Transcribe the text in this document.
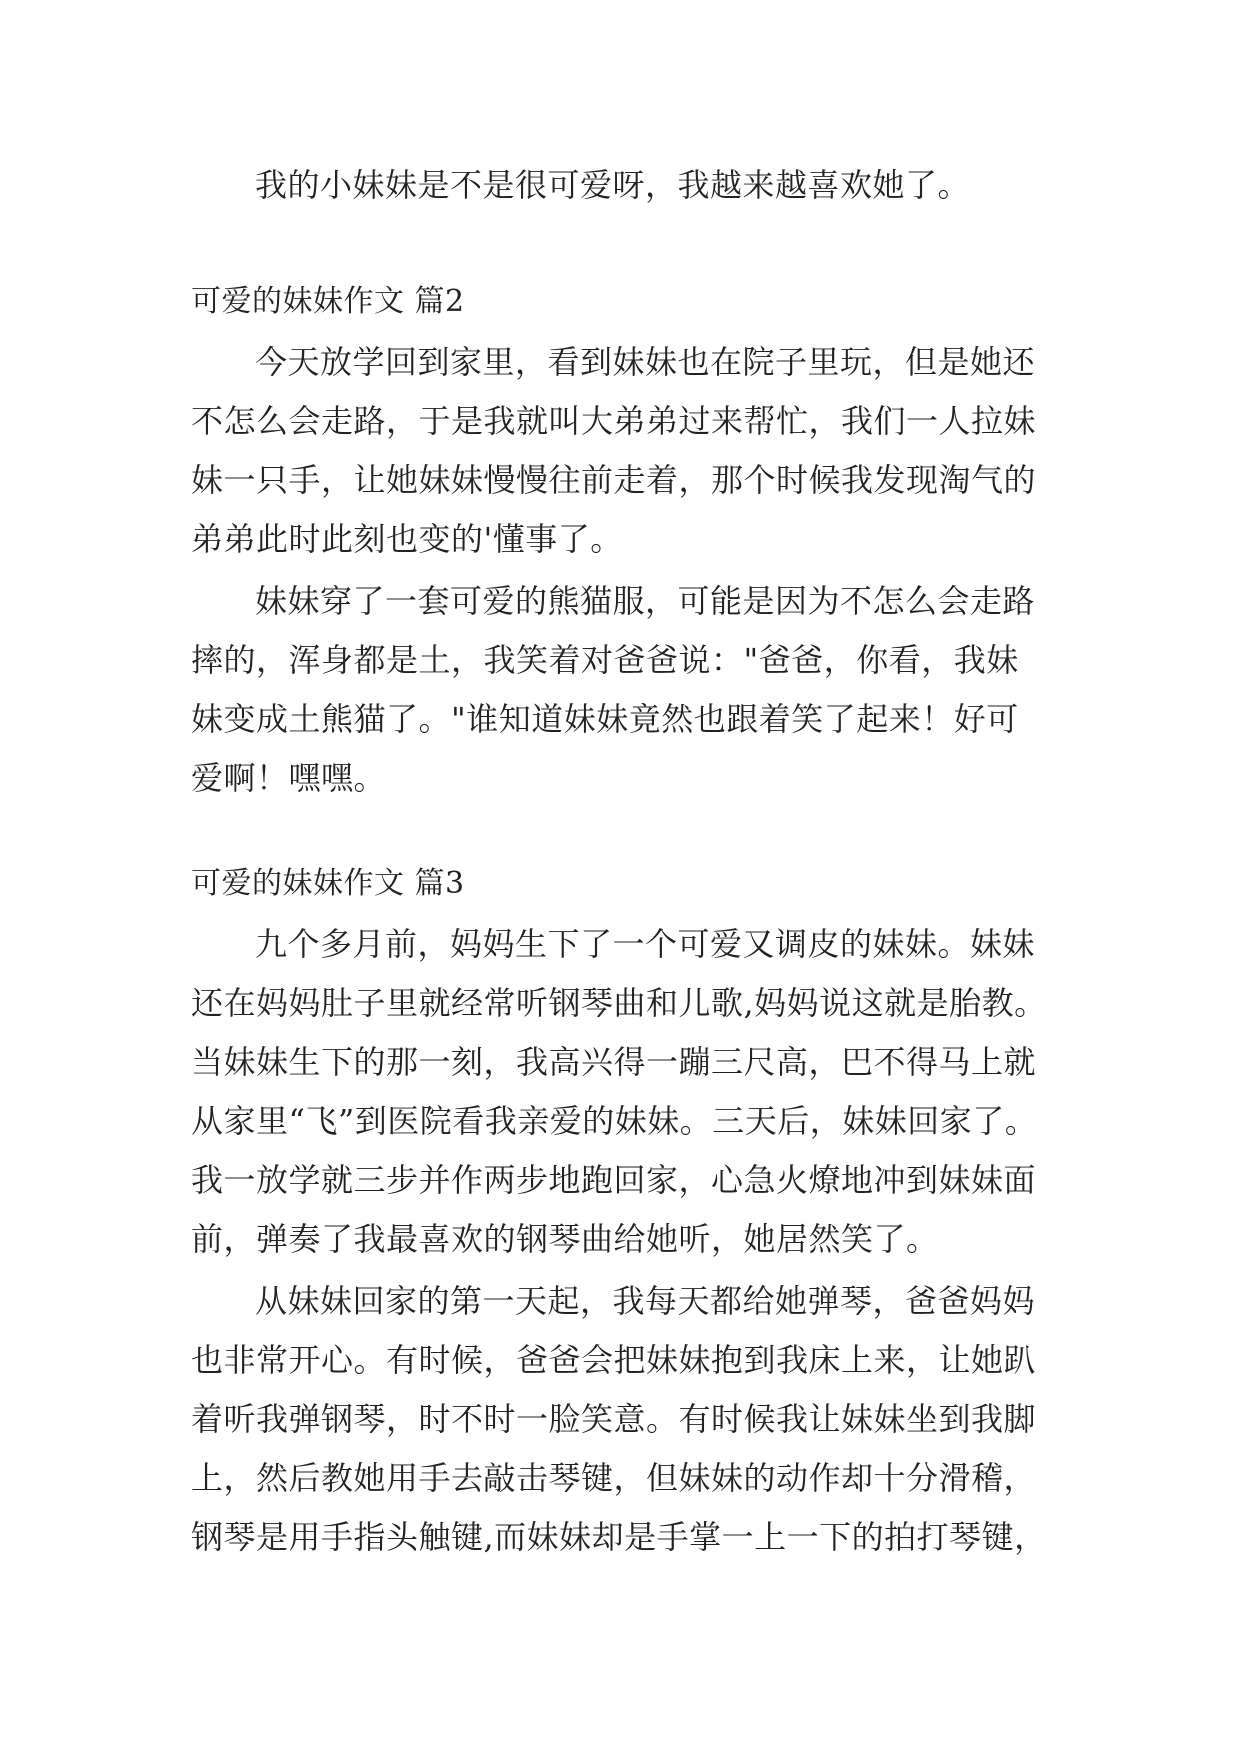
我的小妹妹是不是很可爱呀，我越来越喜欢她了。
可爱的妹妹作文 篇2
今天放学回到家里，看到妹妹也在院子里玩，但是她还
不怎么会走路，于是我就叫大弟弟过来帮忙，我们一人拉妹
妹一只手，让她妹妹慢慢往前走着，那个时候我发现淘气的
弟弟此时此刻也变的'懂事了。
妹妹穿了一套可爱的熊猫服，可能是因为不怎么会走路
摔的，浑身都是土，我笑着对爸爸说："爸爸，你看，我妹
妹变成土熊猫了。"谁知道妹妹竟然也跟着笑了起来！好可
爱啊！嘿嘿。
可爱的妹妹作文 篇3
九个多月前，妈妈生下了一个可爱又调皮的妹妹。妹妹
还在妈妈肚子里就经常听钢琴曲和儿歌,妈妈说这就是胎教。
当妹妹生下的那一刻，我高兴得一蹦三尺高，巴不得马上就
从家里“飞”到医院看我亲爱的妹妹。三天后，妹妹回家了。
我一放学就三步并作两步地跑回家，心急火燎地冲到妹妹面
前，弹奏了我最喜欢的钢琴曲给她听，她居然笑了。
从妹妹回家的第一天起，我每天都给她弹琴，爸爸妈妈
也非常开心。有时候，爸爸会把妹妹抱到我床上来，让她趴
着听我弹钢琴，时不时一脸笑意。有时候我让妹妹坐到我脚
上，然后教她用手去敲击琴键，但妹妹的动作却十分滑稽，
钢琴是用手指头触键,而妹妹却是手掌一上一下的拍打琴键，
